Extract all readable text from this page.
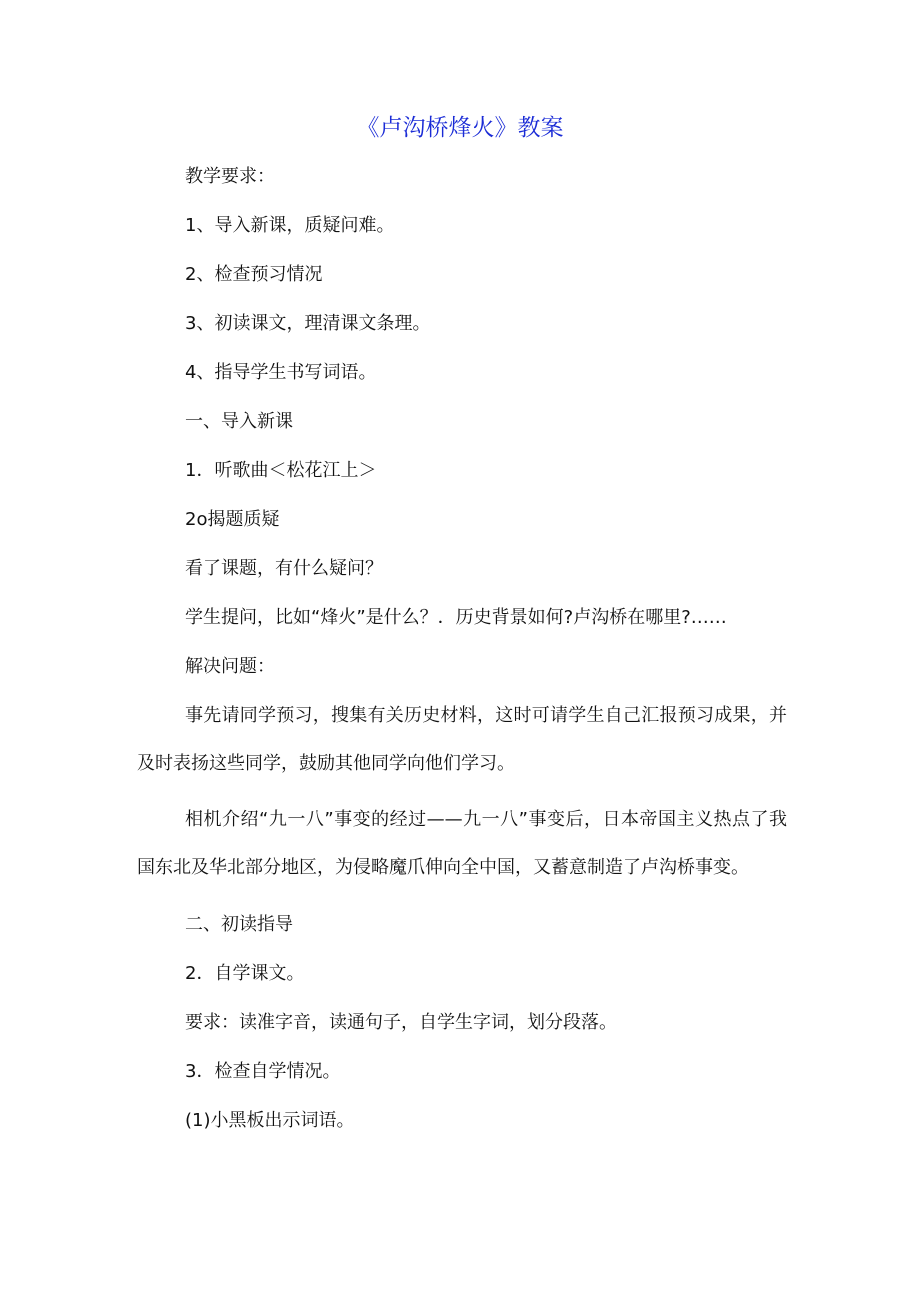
《卢沟桥烽火》教案

教学要求：

1、导入新课，质疑问难。

2、检查预习情况

3、初读课文，理清课文条理。

4、指导学生书写词语。

一、导入新课

1．听歌曲＜松花江上＞

2o揭题质疑

看了课题，有什么疑问？

学生提问，比如“烽火”是什么？．历史背景如何?卢沟桥在哪里?……

解决问题：

事先请同学预习，搜集有关历史材料，这时可请学生自己汇报预习成果，并及时表扬这些同学，鼓励其他同学向他们学习。

相机介绍“九一八”事变的经过——九一八”事变后，日本帝国主义热点了我国东北及华北部分地区，为侵略魔爪伸向全中国，又蓄意制造了卢沟桥事变。

二、初读指导

2．自学课文。

要求：读准字音，读通句子，自学生字词，划分段落。

3．检查自学情况。

(1)小黑板出示词语。
